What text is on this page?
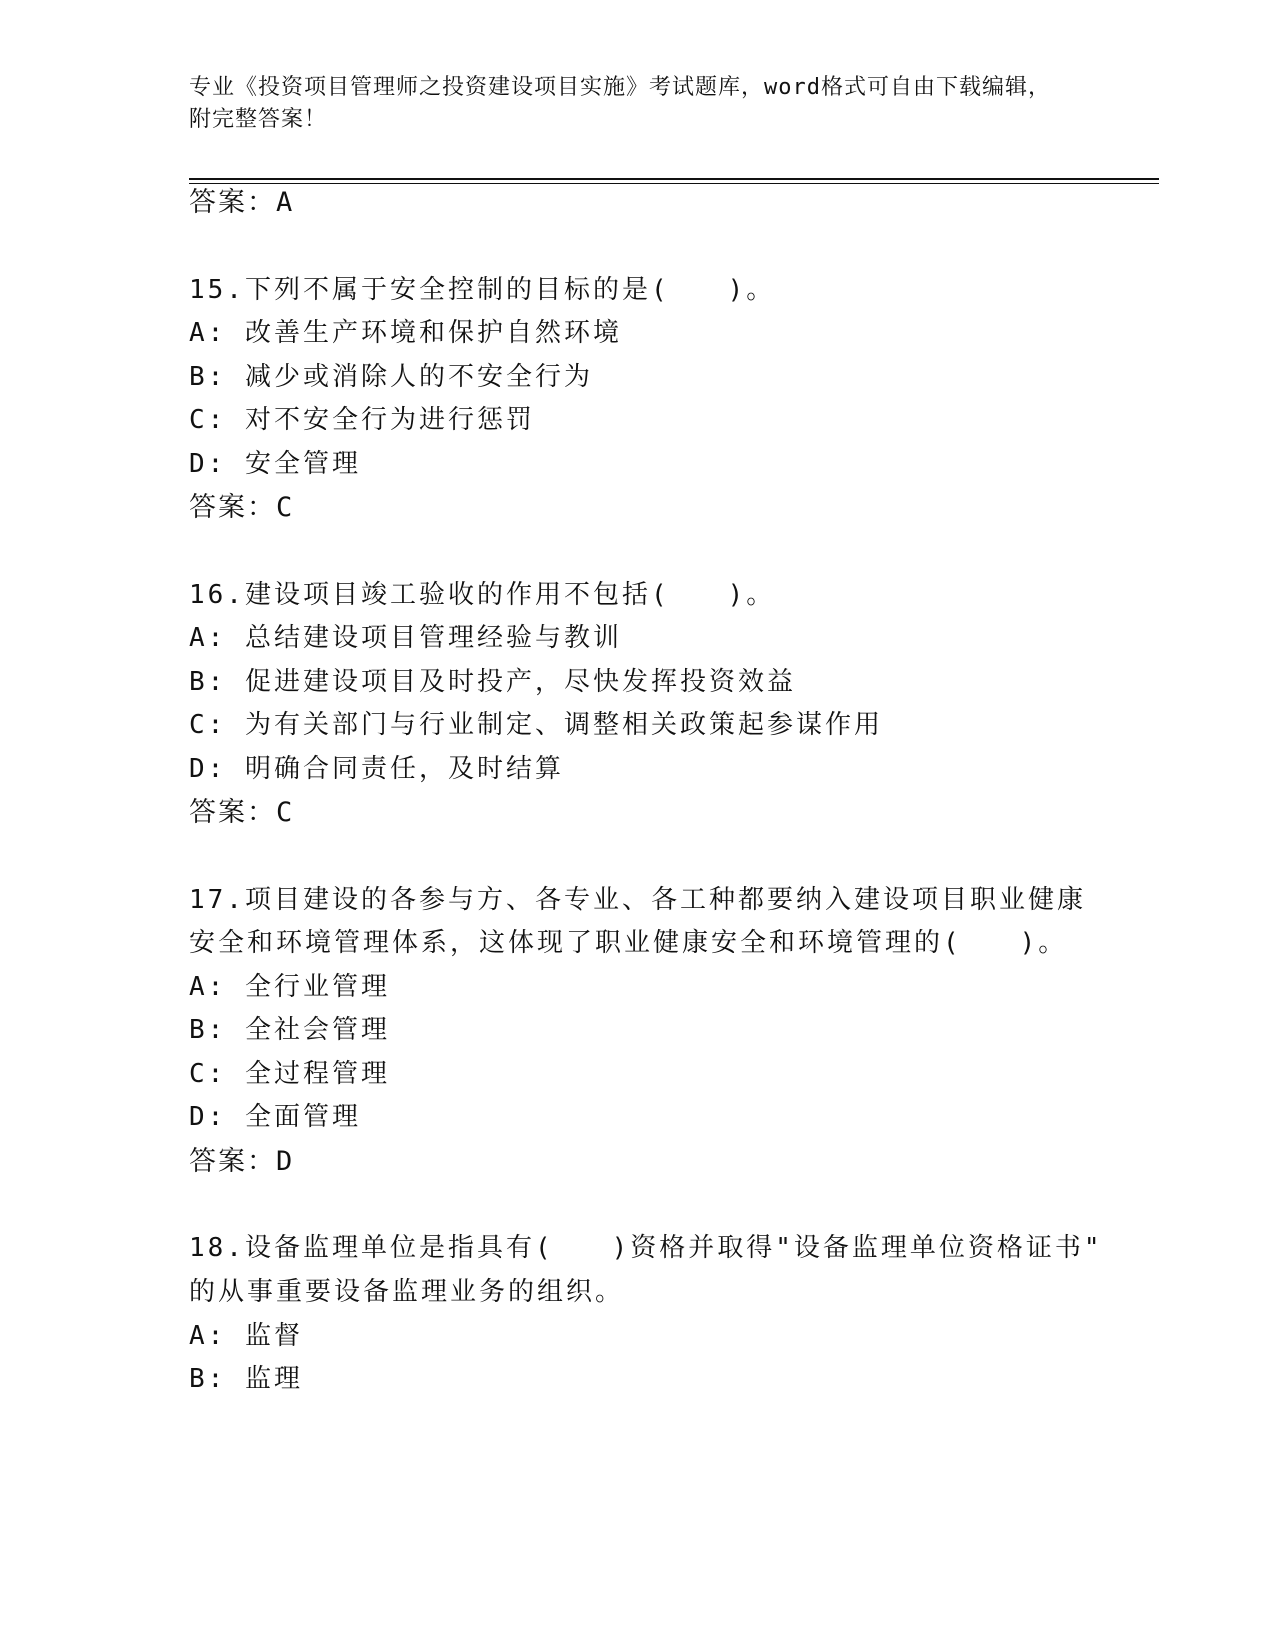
专业《投资项目管理师之投资建设项目实施》考试题库，word格式可自由下载编辑，附完整答案！
答案：A
15.下列不属于安全控制的目标的是(　　)。
A: 改善生产环境和保护自然环境
B: 减少或消除人的不安全行为
C: 对不安全行为进行惩罚
D: 安全管理
答案：C
16.建设项目竣工验收的作用不包括(　　)。
A: 总结建设项目管理经验与教训
B: 促进建设项目及时投产，尽快发挥投资效益
C: 为有关部门与行业制定、调整相关政策起参谋作用
D: 明确合同责任，及时结算
答案：C
17.项目建设的各参与方、各专业、各工种都要纳入建设项目职业健康
安全和环境管理体系，这体现了职业健康安全和环境管理的(　　)。
A: 全行业管理
B: 全社会管理
C: 全过程管理
D: 全面管理
答案：D
18.设备监理单位是指具有(　　)资格并取得"设备监理单位资格证书"
的从事重要设备监理业务的组织。
A: 监督
B: 监理
